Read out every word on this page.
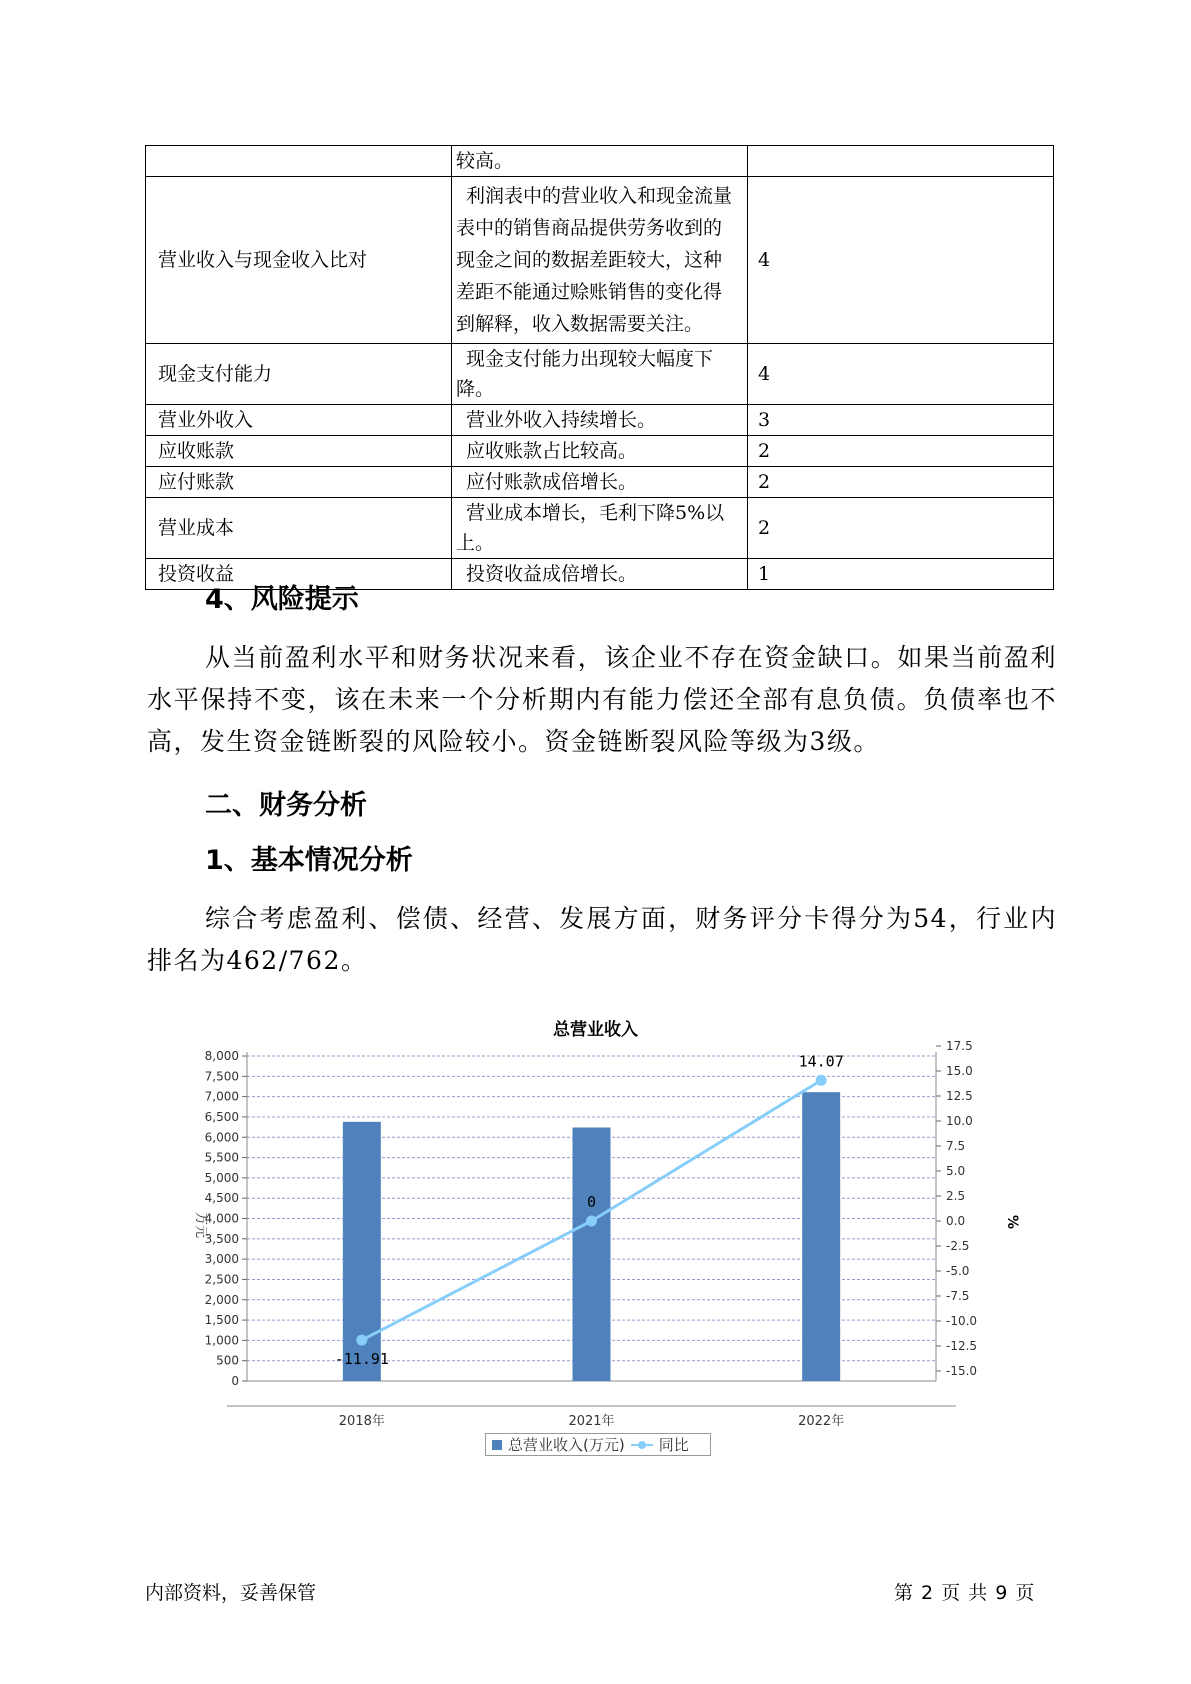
	较高。	
营业收入与现金收入比对	利润表中的营业收入和现金流量表中的销售商品提供劳务收到的现金之间的数据差距较大，这种差距不能通过赊账销售的变化得到解释，收入数据需要关注。	4
现金支付能力	现金支付能力出现较大幅度下降。	4
营业外收入	营业外收入持续增长。	3
应收账款	应收账款占比较高。	2
应付账款	应付账款成倍增长。	2
营业成本	营业成本增长，毛利下降5%以上。	2
投资收益	投资收益成倍增长。	1
4、风险提示

从当前盈利水平和财务状况来看，该企业不存在资金缺口。如果当前盈利水平保持不变，该在未来一个分析期内有能力偿还全部有息负债。负债率也不高，发生资金链断裂的风险较小。资金链断裂风险等级为3级。

二、财务分析
1、基本情况分析

综合考虑盈利、偿债、经营、发展方面，财务评分卡得分为54，行业内排名为462/762。

总营业收入
0
500
1,000
1,500
2,000
2,500
3,000
3,500
4,000
4,500
5,000
5,500
6,000
6,500
7,000
7,500
8,000
-15.0
-12.5
-10.0
-7.5
-5.0
-2.5
0.0
2.5
5.0
7.5
10.0
12.5
15.0
17.5
万元	%
2018年	2021年	2022年
-11.91
0
14.07
总营业收入(万元) 同比
内部资料，妥善保管	第 2 页 共 9 页
